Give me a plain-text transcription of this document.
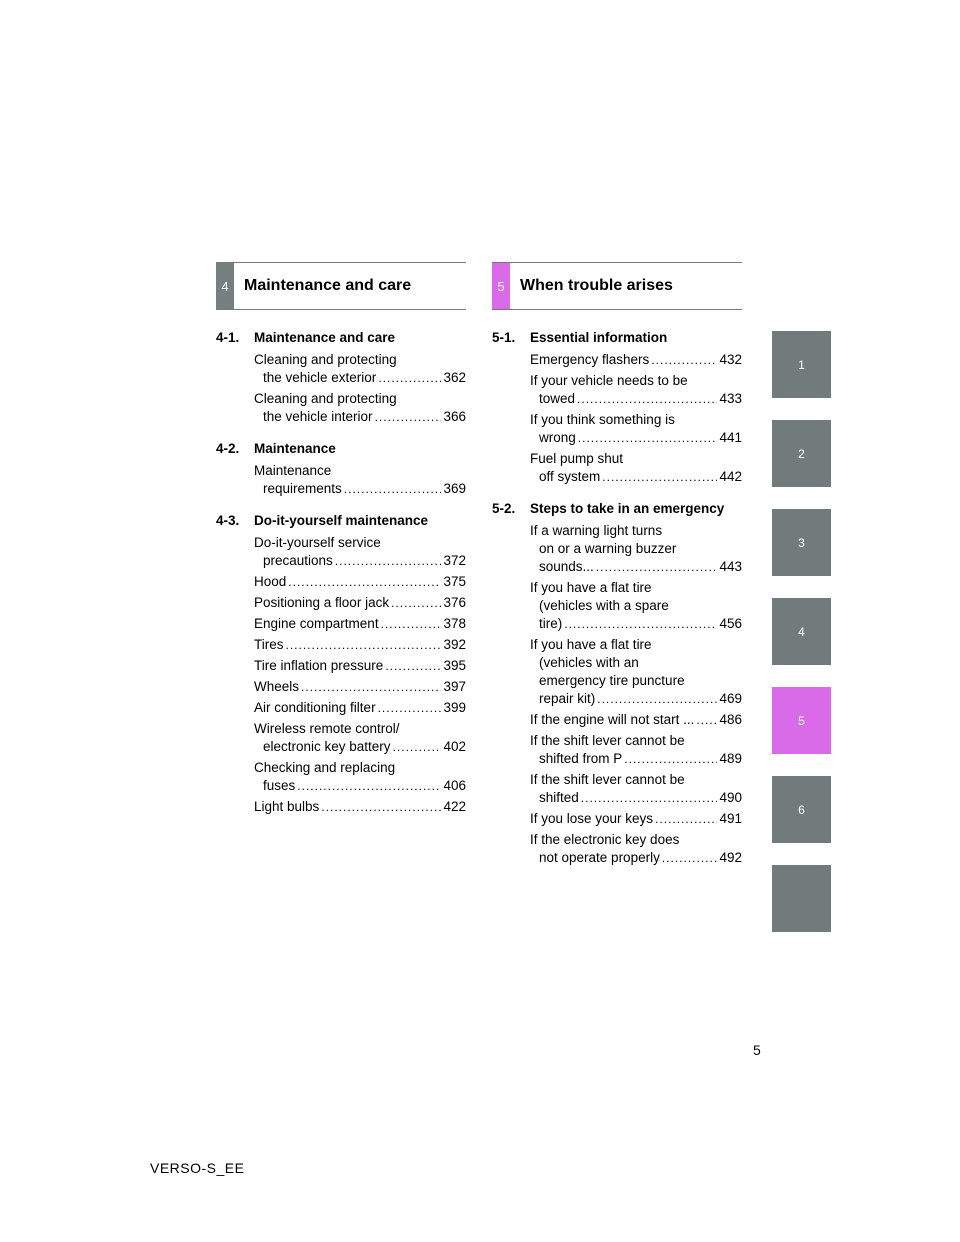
4 Maintenance and care
4-1.	Maintenance and care
Cleaning and protecting
the vehicle exterior .....	362
Cleaning and protecting
the vehicle interior .....	366
4-2.	Maintenance
Maintenance
requirements .....	369
4-3.	Do-it-yourself maintenance
Do-it-yourself service
precautions .....	372
Hood .....	375
Positioning a floor jack .....	376
Engine compartment .....	378
Tires .....	392
Tire inflation pressure .....	395
Wheels .....	397
Air conditioning filter .....	399
Wireless remote control/
electronic key battery .....	402
Checking and replacing
fuses .....	406
Light bulbs .....	422
5 When trouble arises
5-1.	Essential information
Emergency flashers .....	432
If your vehicle needs to be
towed .....	433
If you think something is
wrong .....	441
Fuel pump shut
off system .....	442
5-2.	Steps to take in an emergency
If a warning light turns
on or a warning buzzer
sounds... .....	443
If you have a flat tire
(vehicles with a spare
tire) .....	456
If you have a flat tire
(vehicles with an
emergency tire puncture
repair kit) .....	469
If the engine will not start ... ..... 486
If the shift lever cannot be
shifted from P .....	489
If the shift lever cannot be
shifted .....	490
If you lose your keys .....	491
If the electronic key does
not operate properly .....	492
1
2
3
4
5
6
5
VERSO-S_EE
